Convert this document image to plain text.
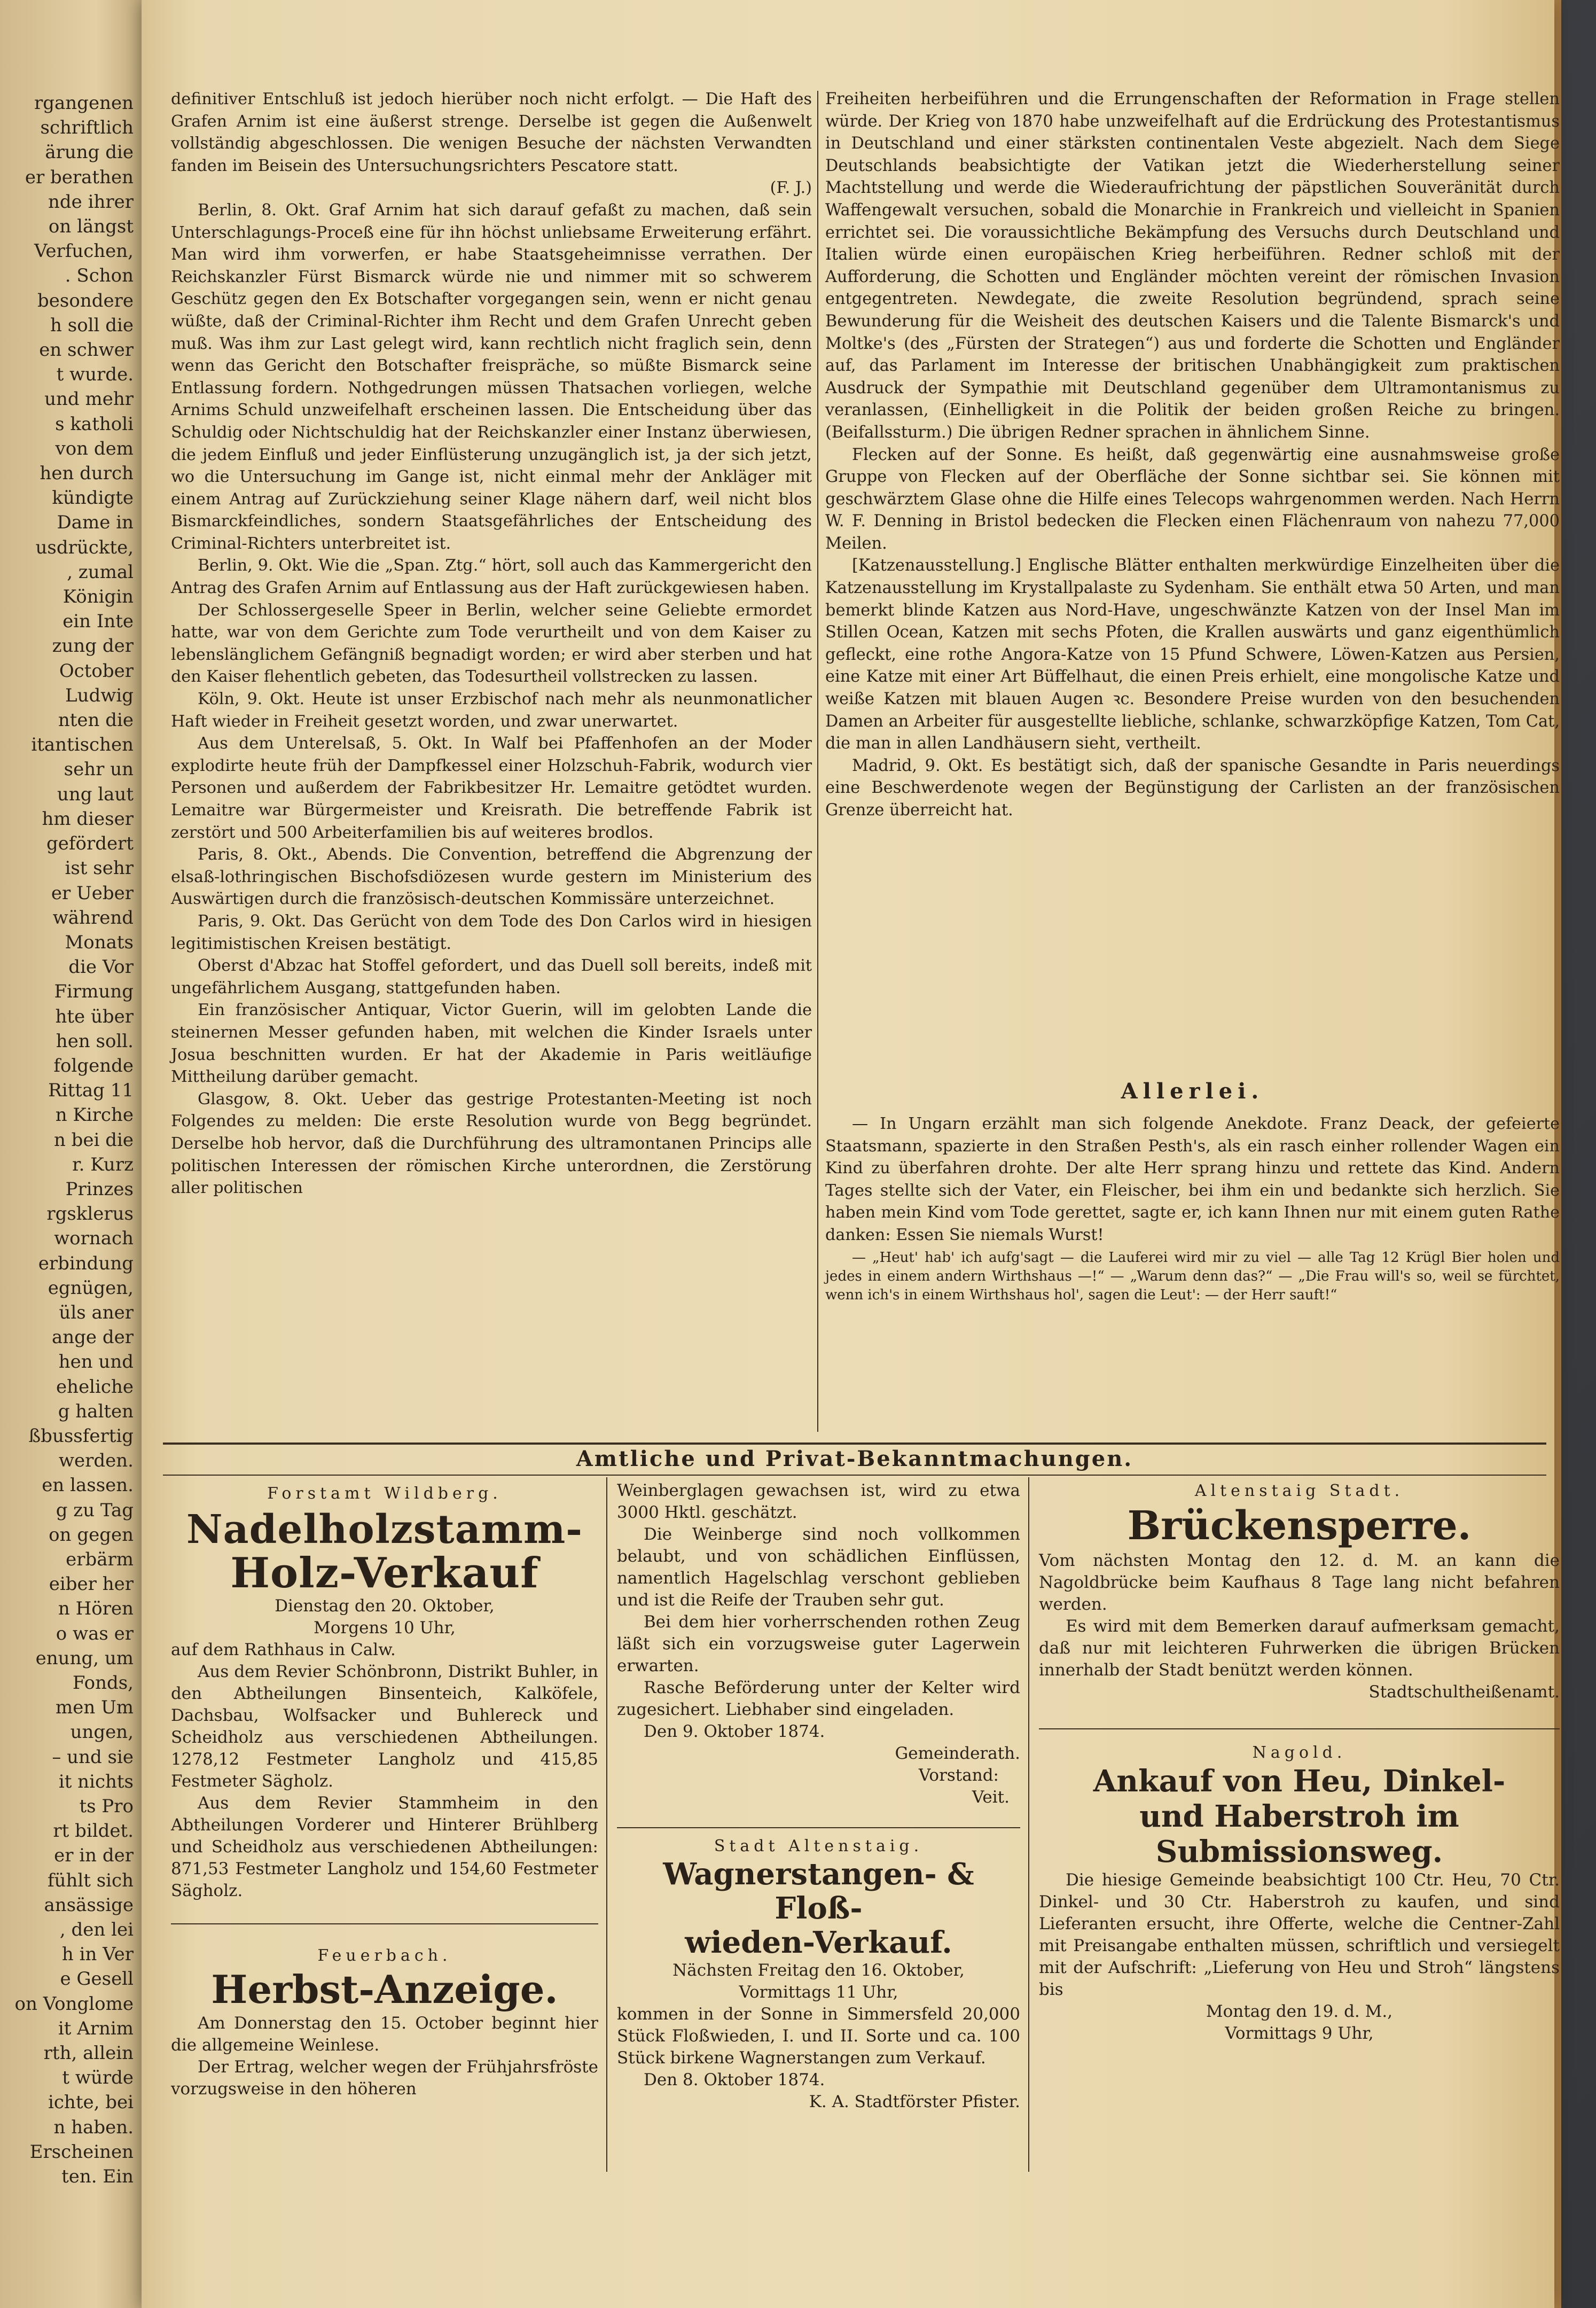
rgangenen

schriftlich

ärung die

er berathen

nde ihrer

on längst

Verfuchen,

. Schon

besondere

h soll die

en schwer

t wurde.

und mehr

s katholi

von dem

hen durch

kündigte

Dame in

usdrückte,

, zumal

Königin

ein Inte

zung der

October

Ludwig

nten die

itantischen

sehr un

ung laut

hm dieser

gefördert

ist sehr

er Ueber

während

Monats

die Vor

Firmung

hte über

hen soll.

folgende

Rittag 11

n Kirche

n bei die

r. Kurz

Prinzes

rgsklerus

wornach

erbindung

egnügen,

üls aner

ange der

hen und

eheliche

g halten

ßbussfertig

werden.

en lassen.

g zu Tag

on gegen

erbärm

eiber her

n Hören

o was er

enung, um

Fonds,

men Um

ungen,

– und sie

it nichts

ts Pro

rt bildet.

er in der

fühlt sich

ansässige

, den lei

h in Ver

e Gesell

on Vonglome

it Arnim

rth, allein

t würde

ichte, bei

n haben.

Erscheinen

ten. Ein

definitiver Entschluß ist jedoch hierüber noch nicht erfolgt. — Die Haft des Grafen Arnim ist eine äußerst strenge. Derselbe ist gegen die Außenwelt vollständig abgeschlossen. Die wenigen Besuche der nächsten Verwandten fanden im Beisein des Untersuchungsrichters Pescatore statt.

(F. J.)

Berlin, 8. Okt. Graf Arnim hat sich darauf gefaßt zu machen, daß sein Unterschlagungs-Proceß eine für ihn höchst unliebsame Erweiterung erfährt. Man wird ihm vorwerfen, er habe Staatsgeheimnisse verrathen. Der Reichskanzler Fürst Bismarck würde nie und nimmer mit so schwerem Geschütz gegen den Ex Botschafter vorgegangen sein, wenn er nicht genau wüßte, daß der Criminal-Richter ihm Recht und dem Grafen Unrecht geben muß. Was ihm zur Last gelegt wird, kann rechtlich nicht fraglich sein, denn wenn das Gericht den Botschafter freispräche, so müßte Bismarck seine Entlassung fordern. Nothgedrungen müssen Thatsachen vorliegen, welche Arnims Schuld unzweifelhaft erscheinen lassen. Die Entscheidung über das Schuldig oder Nichtschuldig hat der Reichskanzler einer Instanz überwiesen, die jedem Einfluß und jeder Einflüsterung unzugänglich ist, ja der sich jetzt, wo die Untersuchung im Gange ist, nicht einmal mehr der Ankläger mit einem Antrag auf Zurückziehung seiner Klage nähern darf, weil nicht blos Bismarckfeindliches, sondern Staatsgefährliches der Entscheidung des Criminal-Richters unterbreitet ist.

Berlin, 9. Okt. Wie die „Span. Ztg.“ hört, soll auch das Kammergericht den Antrag des Grafen Arnim auf Entlassung aus der Haft zurückgewiesen haben.

Der Schlossergeselle Speer in Berlin, welcher seine Geliebte ermordet hatte, war von dem Gerichte zum Tode verurtheilt und von dem Kaiser zu lebenslänglichem Gefängniß begnadigt worden; er wird aber sterben und hat den Kaiser flehentlich gebeten, das Todesurtheil vollstrecken zu lassen.

Köln, 9. Okt. Heute ist unser Erzbischof nach mehr als neunmonatlicher Haft wieder in Freiheit gesetzt worden, und zwar unerwartet.

Aus dem Unterelsaß, 5. Okt. In Walf bei Pfaffenhofen an der Moder explodirte heute früh der Dampfkessel einer Holzschuh-Fabrik, wodurch vier Personen und außerdem der Fabrikbesitzer Hr. Lemaitre getödtet wurden. Lemaitre war Bürgermeister und Kreisrath. Die betreffende Fabrik ist zerstört und 500 Arbeiterfamilien bis auf weiteres brodlos.

Paris, 8. Okt., Abends. Die Convention, betreffend die Abgrenzung der elsaß-lothringischen Bischofsdiözesen wurde gestern im Ministerium des Auswärtigen durch die französisch-deutschen Kommissäre unterzeichnet.

Paris, 9. Okt. Das Gerücht von dem Tode des Don Carlos wird in hiesigen legitimistischen Kreisen bestätigt.

Oberst d'Abzac hat Stoffel gefordert, und das Duell soll bereits, indeß mit ungefährlichem Ausgang, stattgefunden haben.

Ein französischer Antiquar, Victor Guerin, will im gelobten Lande die steinernen Messer gefunden haben, mit welchen die Kinder Israels unter Josua beschnitten wurden. Er hat der Akademie in Paris weitläufige Mittheilung darüber gemacht.

Glasgow, 8. Okt. Ueber das gestrige Protestanten-Meeting ist noch Folgendes zu melden: Die erste Resolution wurde von Begg begründet. Derselbe hob hervor, daß die Durchführung des ultramontanen Princips alle politischen Interessen der römischen Kirche unterordnen, die Zerstörung aller politischen

Freiheiten herbeiführen und die Errungenschaften der Reformation in Frage stellen würde. Der Krieg von 1870 habe unzweifelhaft auf die Erdrückung des Protestantismus in Deutschland und einer stärksten continentalen Veste abgezielt. Nach dem Siege Deutschlands beabsichtigte der Vatikan jetzt die Wiederherstellung seiner Machtstellung und werde die Wiederaufrichtung der päpstlichen Souveränität durch Waffengewalt versuchen, sobald die Monarchie in Frankreich und vielleicht in Spanien errichtet sei. Die voraussichtliche Bekämpfung des Versuchs durch Deutschland und Italien würde einen europäischen Krieg herbeiführen. Redner schloß mit der Aufforderung, die Schotten und Engländer möchten vereint der römischen Invasion entgegentreten. Newdegate, die zweite Resolution begründend, sprach seine Bewunderung für die Weisheit des deutschen Kaisers und die Talente Bismarck's und Moltke's (des „Fürsten der Strategen“) aus und forderte die Schotten und Engländer auf, das Parlament im Interesse der britischen Unabhängigkeit zum praktischen Ausdruck der Sympathie mit Deutschland gegenüber dem Ultramontanismus zu veranlassen, (Einhelligkeit in die Politik der beiden großen Reiche zu bringen. (Beifallssturm.) Die übrigen Redner sprachen in ähnlichem Sinne.

Flecken auf der Sonne. Es heißt, daß gegenwärtig eine ausnahmsweise große Gruppe von Flecken auf der Oberfläche der Sonne sichtbar sei. Sie können mit geschwärztem Glase ohne die Hilfe eines Telecops wahrgenommen werden. Nach Herrn W. F. Denning in Bristol bedecken die Flecken einen Flächenraum von nahezu 77,000 Meilen.

[Katzenausstellung.] Englische Blätter enthalten merkwürdige Einzelheiten über die Katzenausstellung im Krystallpalaste zu Sydenham. Sie enthält etwa 50 Arten, und man bemerkt blinde Katzen aus Nord-Have, ungeschwänzte Katzen von der Insel Man im Stillen Ocean, Katzen mit sechs Pfoten, die Krallen auswärts und ganz eigenthümlich gefleckt, eine rothe Angora-Katze von 15 Pfund Schwere, Löwen-Katzen aus Persien, eine Katze mit einer Art Büffelhaut, die einen Preis erhielt, eine mongolische Katze und weiße Katzen mit blauen Augen ꝛc. Besondere Preise wurden von den besuchenden Damen an Arbeiter für ausgestellte liebliche, schlanke, schwarzköpfige Katzen, Tom Cat, die man in allen Landhäusern sieht, vertheilt.

Madrid, 9. Okt. Es bestätigt sich, daß der spanische Gesandte in Paris neuerdings eine Beschwerdenote wegen der Begünstigung der Carlisten an der französischen Grenze überreicht hat.

Allerlei.

— In Ungarn erzählt man sich folgende Anekdote. Franz Deack, der gefeierte Staatsmann, spazierte in den Straßen Pesth's, als ein rasch einher rollender Wagen ein Kind zu überfahren drohte. Der alte Herr sprang hinzu und rettete das Kind. Andern Tages stellte sich der Vater, ein Fleischer, bei ihm ein und bedankte sich herzlich. Sie haben mein Kind vom Tode gerettet, sagte er, ich kann Ihnen nur mit einem guten Rathe danken: Essen Sie niemals Wurst!

— „Heut' hab' ich aufg'sagt — die Lauferei wird mir zu viel — alle Tag 12 Krügl Bier holen und jedes in einem andern Wirthshaus —!“ — „Warum denn das?“ — „Die Frau will's so, weil se fürchtet, wenn ich's in einem Wirthshaus hol', sagen die Leut': — der Herr sauft!“

Amtliche und Privat-Bekanntmachungen.

Forstamt Wildberg.

Nadelholzstamm-

Holz-Verkauf

Dienstag den 20. Oktober,

Morgens 10 Uhr,

auf dem Rathhaus in Calw.

Aus dem Revier Schönbronn, Distrikt Buhler, in den Abtheilungen Binsenteich, Kalköfele, Dachsbau, Wolfsacker und Buhlereck und Scheidholz aus verschiedenen Abtheilungen. 1278,12 Festmeter Langholz und 415,85 Festmeter Sägholz.

Aus dem Revier Stammheim in den Abtheilungen Vorderer und Hinterer Brühlberg und Scheidholz aus verschiedenen Abtheilungen: 871,53 Festmeter Langholz und 154,60 Festmeter Sägholz.

Feuerbach.

Herbst-Anzeige.

Am Donnerstag den 15. October beginnt hier die allgemeine Weinlese.

Der Ertrag, welcher wegen der Frühjahrsfröste vorzugsweise in den höheren

Weinberglagen gewachsen ist, wird zu etwa 3000 Hktl. geschätzt.

Die Weinberge sind noch vollkommen belaubt, und von schädlichen Einflüssen, namentlich Hagelschlag verschont geblieben und ist die Reife der Trauben sehr gut.

Bei dem hier vorherrschenden rothen Zeug läßt sich ein vorzugsweise guter Lagerwein erwarten.

Rasche Beförderung unter der Kelter wird zugesichert. Liebhaber sind eingeladen.

Den 9. Oktober 1874.

Gemeinderath.

Vorstand:

Veit.

Stadt Altenstaig.

Wagnerstangen- & Floß-

wieden-Verkauf.

Nächsten Freitag den 16. Oktober,

Vormittags 11 Uhr,

kommen in der Sonne in Simmersfeld 20,000 Stück Floßwieden, I. und II. Sorte und ca. 100 Stück birkene Wagnerstangen zum Verkauf.

Den 8. Oktober 1874.

K. A. Stadtförster Pfister.

Altenstaig Stadt.

Brückensperre.

Vom nächsten Montag den 12. d. M. an kann die Nagoldbrücke beim Kaufhaus 8 Tage lang nicht befahren werden.

Es wird mit dem Bemerken darauf aufmerksam gemacht, daß nur mit leichteren Fuhrwerken die übrigen Brücken innerhalb der Stadt benützt werden können.

Stadtschultheißenamt.

Nagold.

Ankauf von Heu, Dinkel-

und Haberstroh im

Submissionsweg.

Die hiesige Gemeinde beabsichtigt 100 Ctr. Heu, 70 Ctr. Dinkel- und 30 Ctr. Haberstroh zu kaufen, und sind Lieferanten ersucht, ihre Offerte, welche die Centner-Zahl mit Preisangabe enthalten müssen, schriftlich und versiegelt mit der Aufschrift: „Lieferung von Heu und Stroh“ längstens bis

Montag den 19. d. M.,

Vormittags 9 Uhr,
